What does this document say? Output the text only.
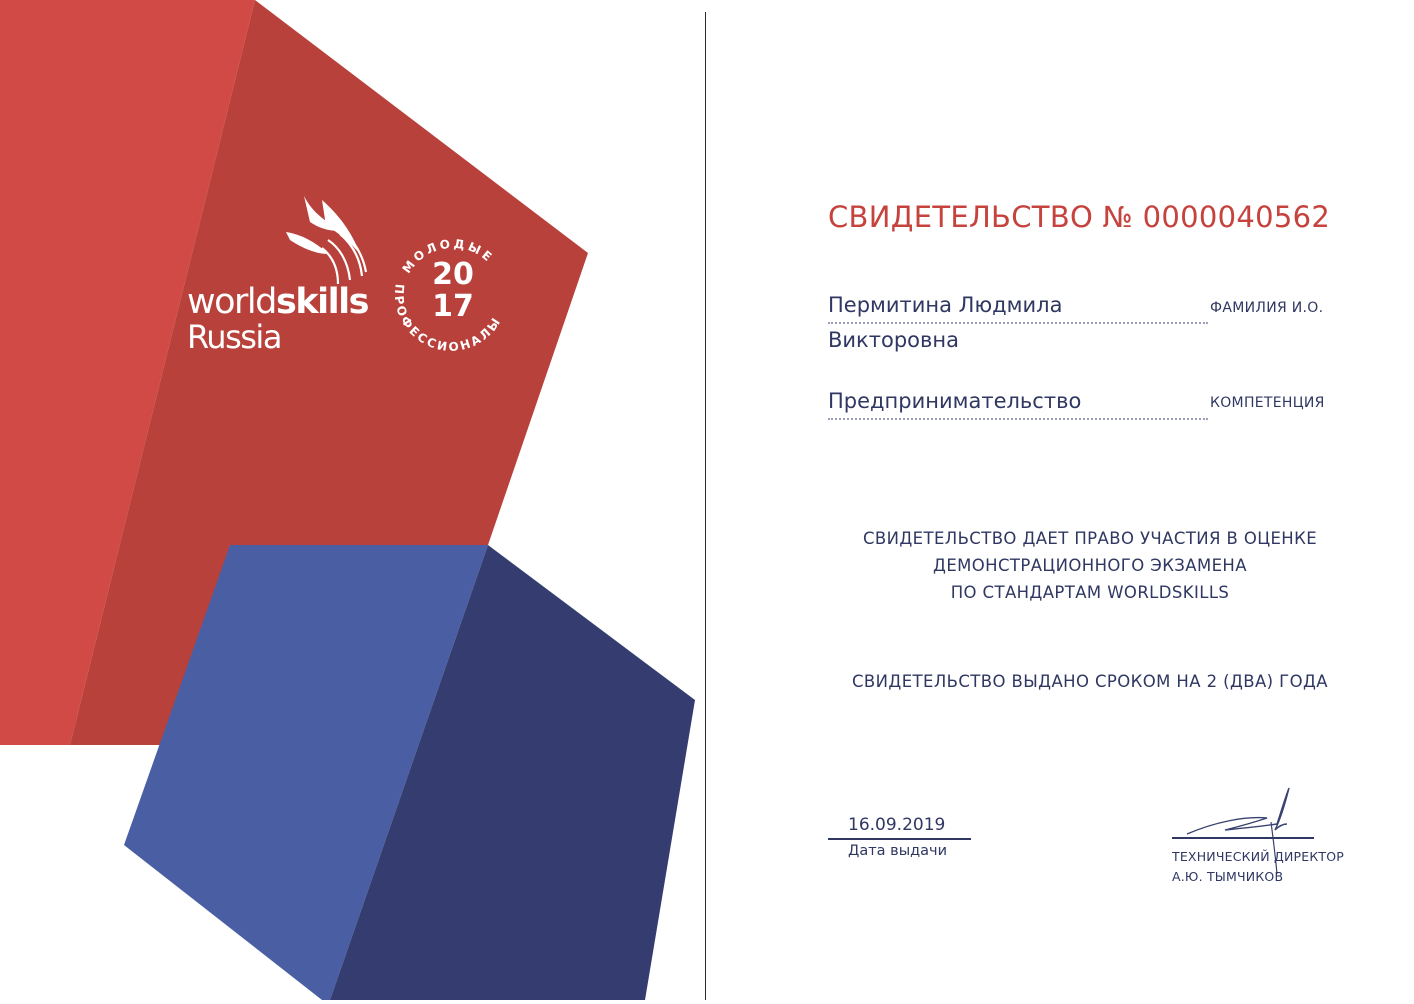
world skills
Russia
МОЛОДЫЕ
ПРОФЕССИОНАЛЫ
20
17
СВИДЕТЕЛЬСТВО № 0000040562
Пермитина Людмила
Викторовна
ФАМИЛИЯ И.О.
Предпринимательство	КОМПЕТЕНЦИЯ
СВИДЕТЕЛЬСТВО ДАЕТ ПРАВО УЧАСТИЯ В ОЦЕНКЕ
ДЕМОНСТРАЦИОННОГО ЭКЗАМЕНА
ПО СТАНДАРТАМ WORLDSKILLS
СВИДЕТЕЛЬСТВО ВЫДАНО СРОКОМ НА 2 (ДВА) ГОДА
16.09.2019
Дата выдачи	ТЕХНИЧЕСКИЙ ДИРЕКТОР
А.Ю. ТЫМЧИКОВ
